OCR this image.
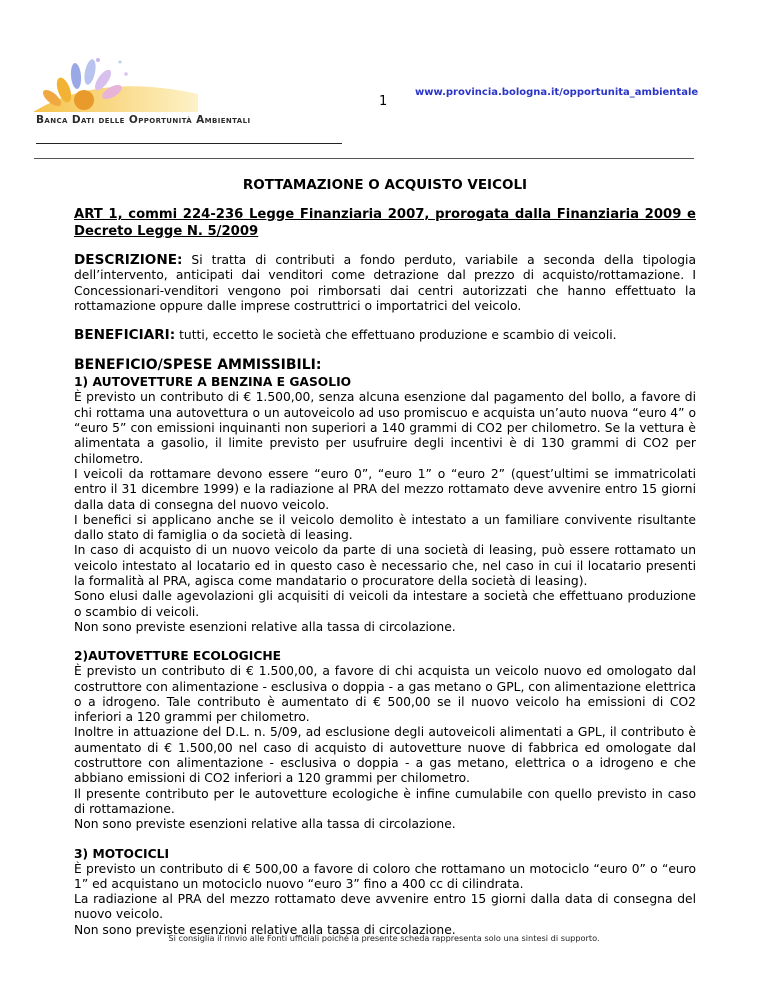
Banca Dati delle Opportunità Ambientali
1
www.provincia.bologna.it/opportunita_ambientale
ROTTAMAZIONE O ACQUISTO VEICOLI
ART 1, commi 224-236 Legge Finanziaria 2007, prorogata dalla Finanziaria 2009 e Decreto Legge N. 5/2009

DESCRIZIONE: Si tratta di contributi a fondo perduto, variabile a seconda della tipologia dell’intervento, anticipati dai venditori come detrazione dal prezzo di acquisto/rottamazione. I Concessionari-venditori vengono poi rimborsati dai centri autorizzati che hanno effettuato la rottamazione oppure dalle imprese costruttrici o importatrici del veicolo.

BENEFICIARI: tutti, eccetto le società che effettuano produzione e scambio di veicoli.

BENEFICIO/SPESE AMMISSIBILI:
1) AUTOVETTURE A BENZINA E GASOLIO

È previsto un contributo di € 1.500,00, senza alcuna esenzione dal pagamento del bollo, a favore di chi rottama una autovettura o un autoveicolo ad uso promiscuo e acquista un’auto nuova “euro 4” o “euro 5” con emissioni inquinanti non superiori a 140 grammi di CO2 per chilometro. Se la vettura è alimentata a gasolio, il limite previsto per usufruire degli incentivi è di 130 grammi di CO2 per chilometro.

I veicoli da rottamare devono essere “euro 0”, “euro 1” o “euro 2” (quest’ultimi se immatricolati entro il 31 dicembre 1999) e la radiazione al PRA del mezzo rottamato deve avvenire entro 15 giorni dalla data di consegna del nuovo veicolo.

I benefici si applicano anche se il veicolo demolito è intestato a un familiare convivente risultante dallo stato di famiglia o da società di leasing.

In caso di acquisto di un nuovo veicolo da parte di una società di leasing, può essere rottamato un veicolo intestato al locatario ed in questo caso è necessario che, nel caso in cui il locatario presenti la formalità al PRA, agisca come mandatario o procuratore della società di leasing).

Sono elusi dalle agevolazioni gli acquisiti di veicoli da intestare a società che effettuano produzione o scambio di veicoli.

Non sono previste esenzioni relative alla tassa di circolazione.

2)AUTOVETTURE ECOLOGICHE

È previsto un contributo di € 1.500,00, a favore di chi acquista un veicolo nuovo ed omologato dal costruttore con alimentazione - esclusiva o doppia - a gas metano o GPL, con alimentazione elettrica o a idrogeno. Tale contributo è aumentato di € 500,00 se il nuovo veicolo ha emissioni di CO2 inferiori a 120 grammi per chilometro.

Inoltre in attuazione del D.L. n. 5/09, ad esclusione degli autoveicoli alimentati a GPL, il contributo è aumentato di € 1.500,00 nel caso di acquisto di autovetture nuove di fabbrica ed omologate dal costruttore con alimentazione - esclusiva o doppia - a gas metano, elettrica o a idrogeno e che abbiano emissioni di CO2 inferiori a 120 grammi per chilometro.

Il presente contributo per le autovetture ecologiche è infine cumulabile con quello previsto in caso di rottamazione.

Non sono previste esenzioni relative alla tassa di circolazione.

3) MOTOCICLI

È previsto un contributo di € 500,00 a favore di coloro che rottamano un motociclo “euro 0” o “euro 1” ed acquistano un motociclo nuovo “euro 3” fino a 400 cc di cilindrata.

La radiazione al PRA del mezzo rottamato deve avvenire entro 15 giorni dalla data di consegna del nuovo veicolo.

Non sono previste esenzioni relative alla tassa di circolazione.

Si consiglia il rinvio alle Fonti ufficiali poiché la presente scheda rappresenta solo una sintesi di supporto.
